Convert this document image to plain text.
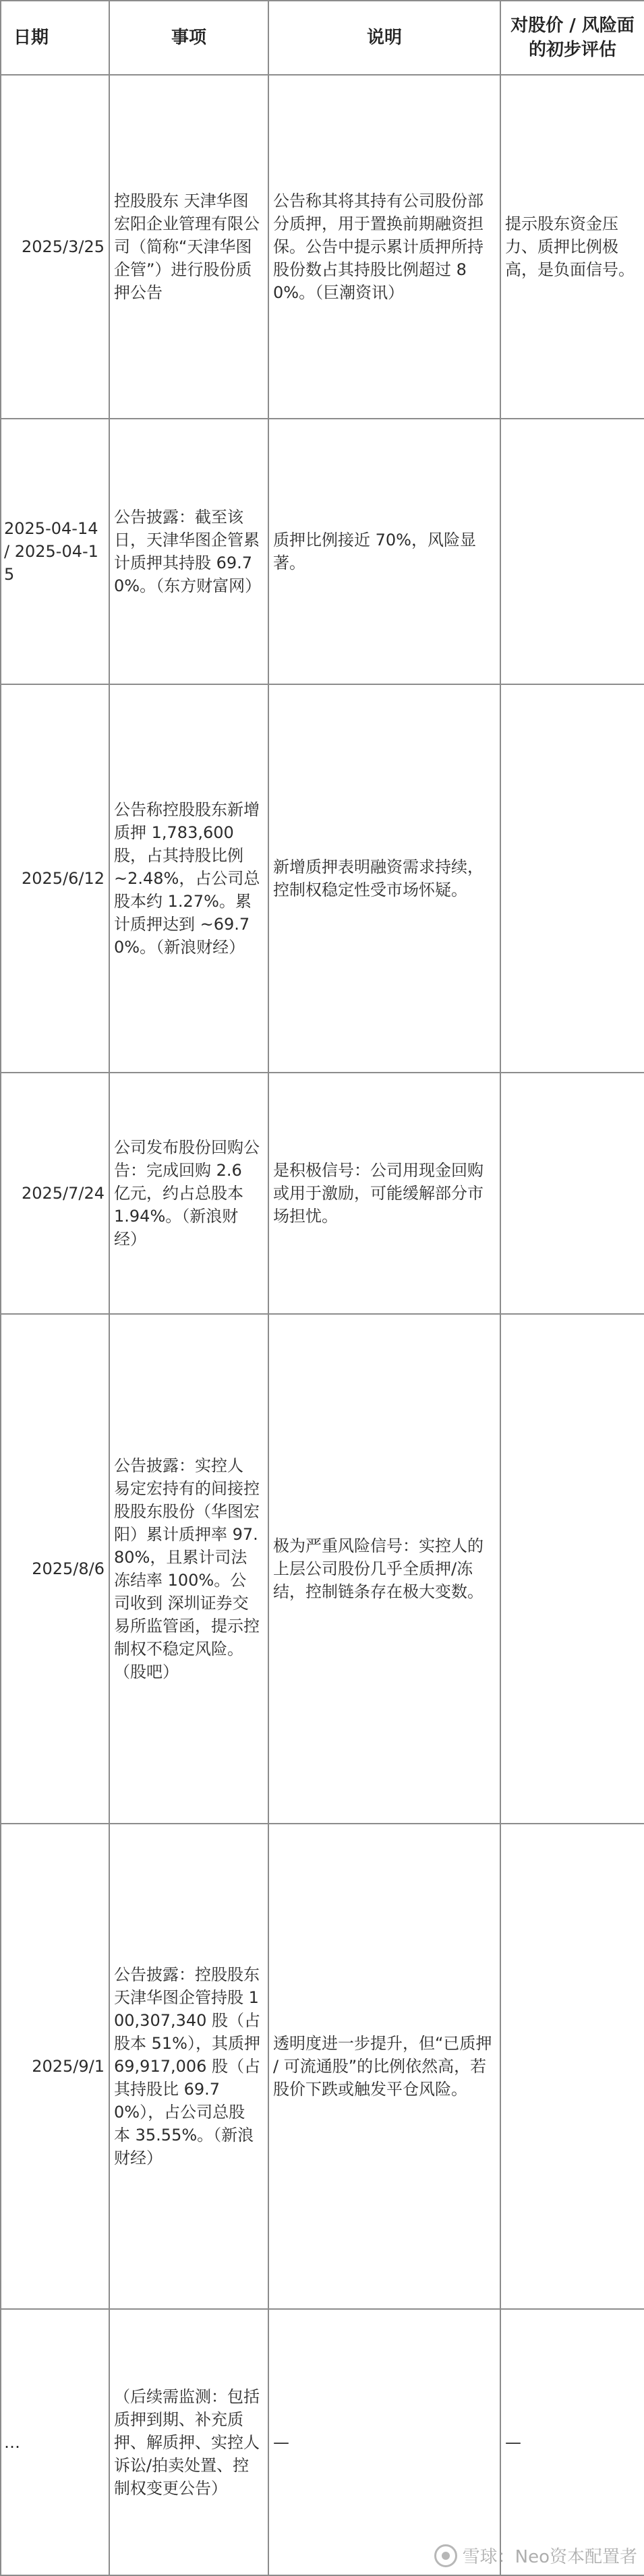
日期	事项	说明	对股价 / 风险面的初步评估
2025/3/25	控股股东 天津华图宏阳企业管理有限公司（简称“天津华图企管”）进行股份质押公告	公告称其将其持有公司股份部分质押，用于置换前期融资担保。公告中提示累计质押所持股份数占其持股比例超过 80%。（巨潮资讯）	提示股东资金压力、质押比例极高，是负面信号。
2025-04-14 / 2025-04-15	公告披露：截至该日，天津华图企管累计质押其持股 69.70%。（东方财富网）	质押比例接近 70%，风险显著。	
2025/6/12	公告称控股股东新增质押 1,783,600 股，占其持股比例 ~2.48%，占公司总股本约 1.27%。累计质押达到 ~69.70%。（新浪财经）	新增质押表明融资需求持续，控制权稳定性受市场怀疑。	
2025/7/24	公司发布股份回购公告：完成回购 2.6 亿元，约占总股本 1.94%。（新浪财经）	是积极信号：公司用现金回购或用于激励，可能缓解部分市场担忧。	
2025/8/6	公告披露：实控人 易定宏持有的间接控股股东股份（华图宏阳）累计质押率 97.80%，且累计司法冻结率 100%。公司收到 深圳证券交易所监管函，提示控制权不稳定风险。（股吧）	极为严重风险信号：实控人的上层公司股份几乎全质押/冻结，控制链条存在极大变数。	
2025/9/1	公告披露：控股股东天津华图企管持股 100,307,340 股（占股本 51%），其质押 69,917,006 股（占其持股比 69.70%），占公司总股本 35.55%。（新浪财经）	透明度进一步提升，但“已质押 / 可流通股”的比例依然高，若股价下跌或触发平仓风险。	
…	（后续需监测：包括质押到期、补充质押、解质押、实控人诉讼/拍卖处置、控制权变更公告）	—	—
雪球：Neo资本配置者
